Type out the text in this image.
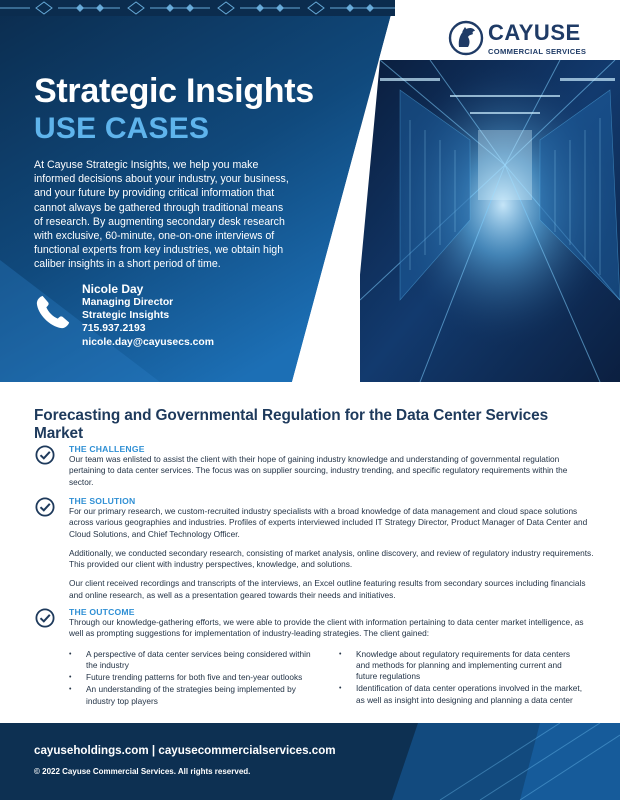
Strategic Insights
USE CASES

At Cayuse Strategic Insights, we help you make informed decisions about your industry, your business, and your future by providing critical information that cannot always be gathered through traditional means of research. By augmenting secondary desk research with exclusive, 60-minute, one-on-one interviews of functional experts from key industries, we obtain high caliber insights in a short period of time.

Nicole Day
Managing Director
Strategic Insights
715.937.2193
nicole.day@cayusecs.com
CAYUSE
COMMERCIAL SERVICES
Forecasting and Governmental Regulation for the Data Center Services Market
THE CHALLENGE
Our team was enlisted to assist the client with their hope of gaining industry knowledge and understanding of governmental regulation pertaining to data center services. The focus was on supplier sourcing, industry trending, and specific regulatory requirements within the sector.
THE SOLUTION
For our primary research, we custom-recruited industry specialists with a broad knowledge of data management and cloud space solutions across various geographies and industries. Profiles of experts interviewed included IT Strategy Director, Product Manager of Data Center and Cloud Solutions, and Chief Technology Officer.
Additionally, we conducted secondary research, consisting of market analysis, online discovery, and review of regulatory industry requirements. This provided our client with industry perspectives, knowledge, and solutions.
Our client received recordings and transcripts of the interviews, an Excel outline featuring results from secondary sources including financials and online research, as well as a presentation geared towards their needs and initiatives.
THE OUTCOME
Through our knowledge-gathering efforts, we were able to provide the client with information pertaining to data center market intelligence, as well as prompting suggestions for implementation of industry-leading strategies. The client gained:
• A perspective of data center services being considered within the industry
• Future trending patterns for both five and ten-year outlooks
• An understanding of the strategies being implemented by industry top players
• Knowledge about regulatory requirements for data centers and methods for planning and implementing current and future regulations
• Identification of data center operations involved in the market, as well as insight into designing and planning a data center
cayuseholdings.com | cayusecommercialservices.com
© 2022 Cayuse Commercial Services. All rights reserved.
